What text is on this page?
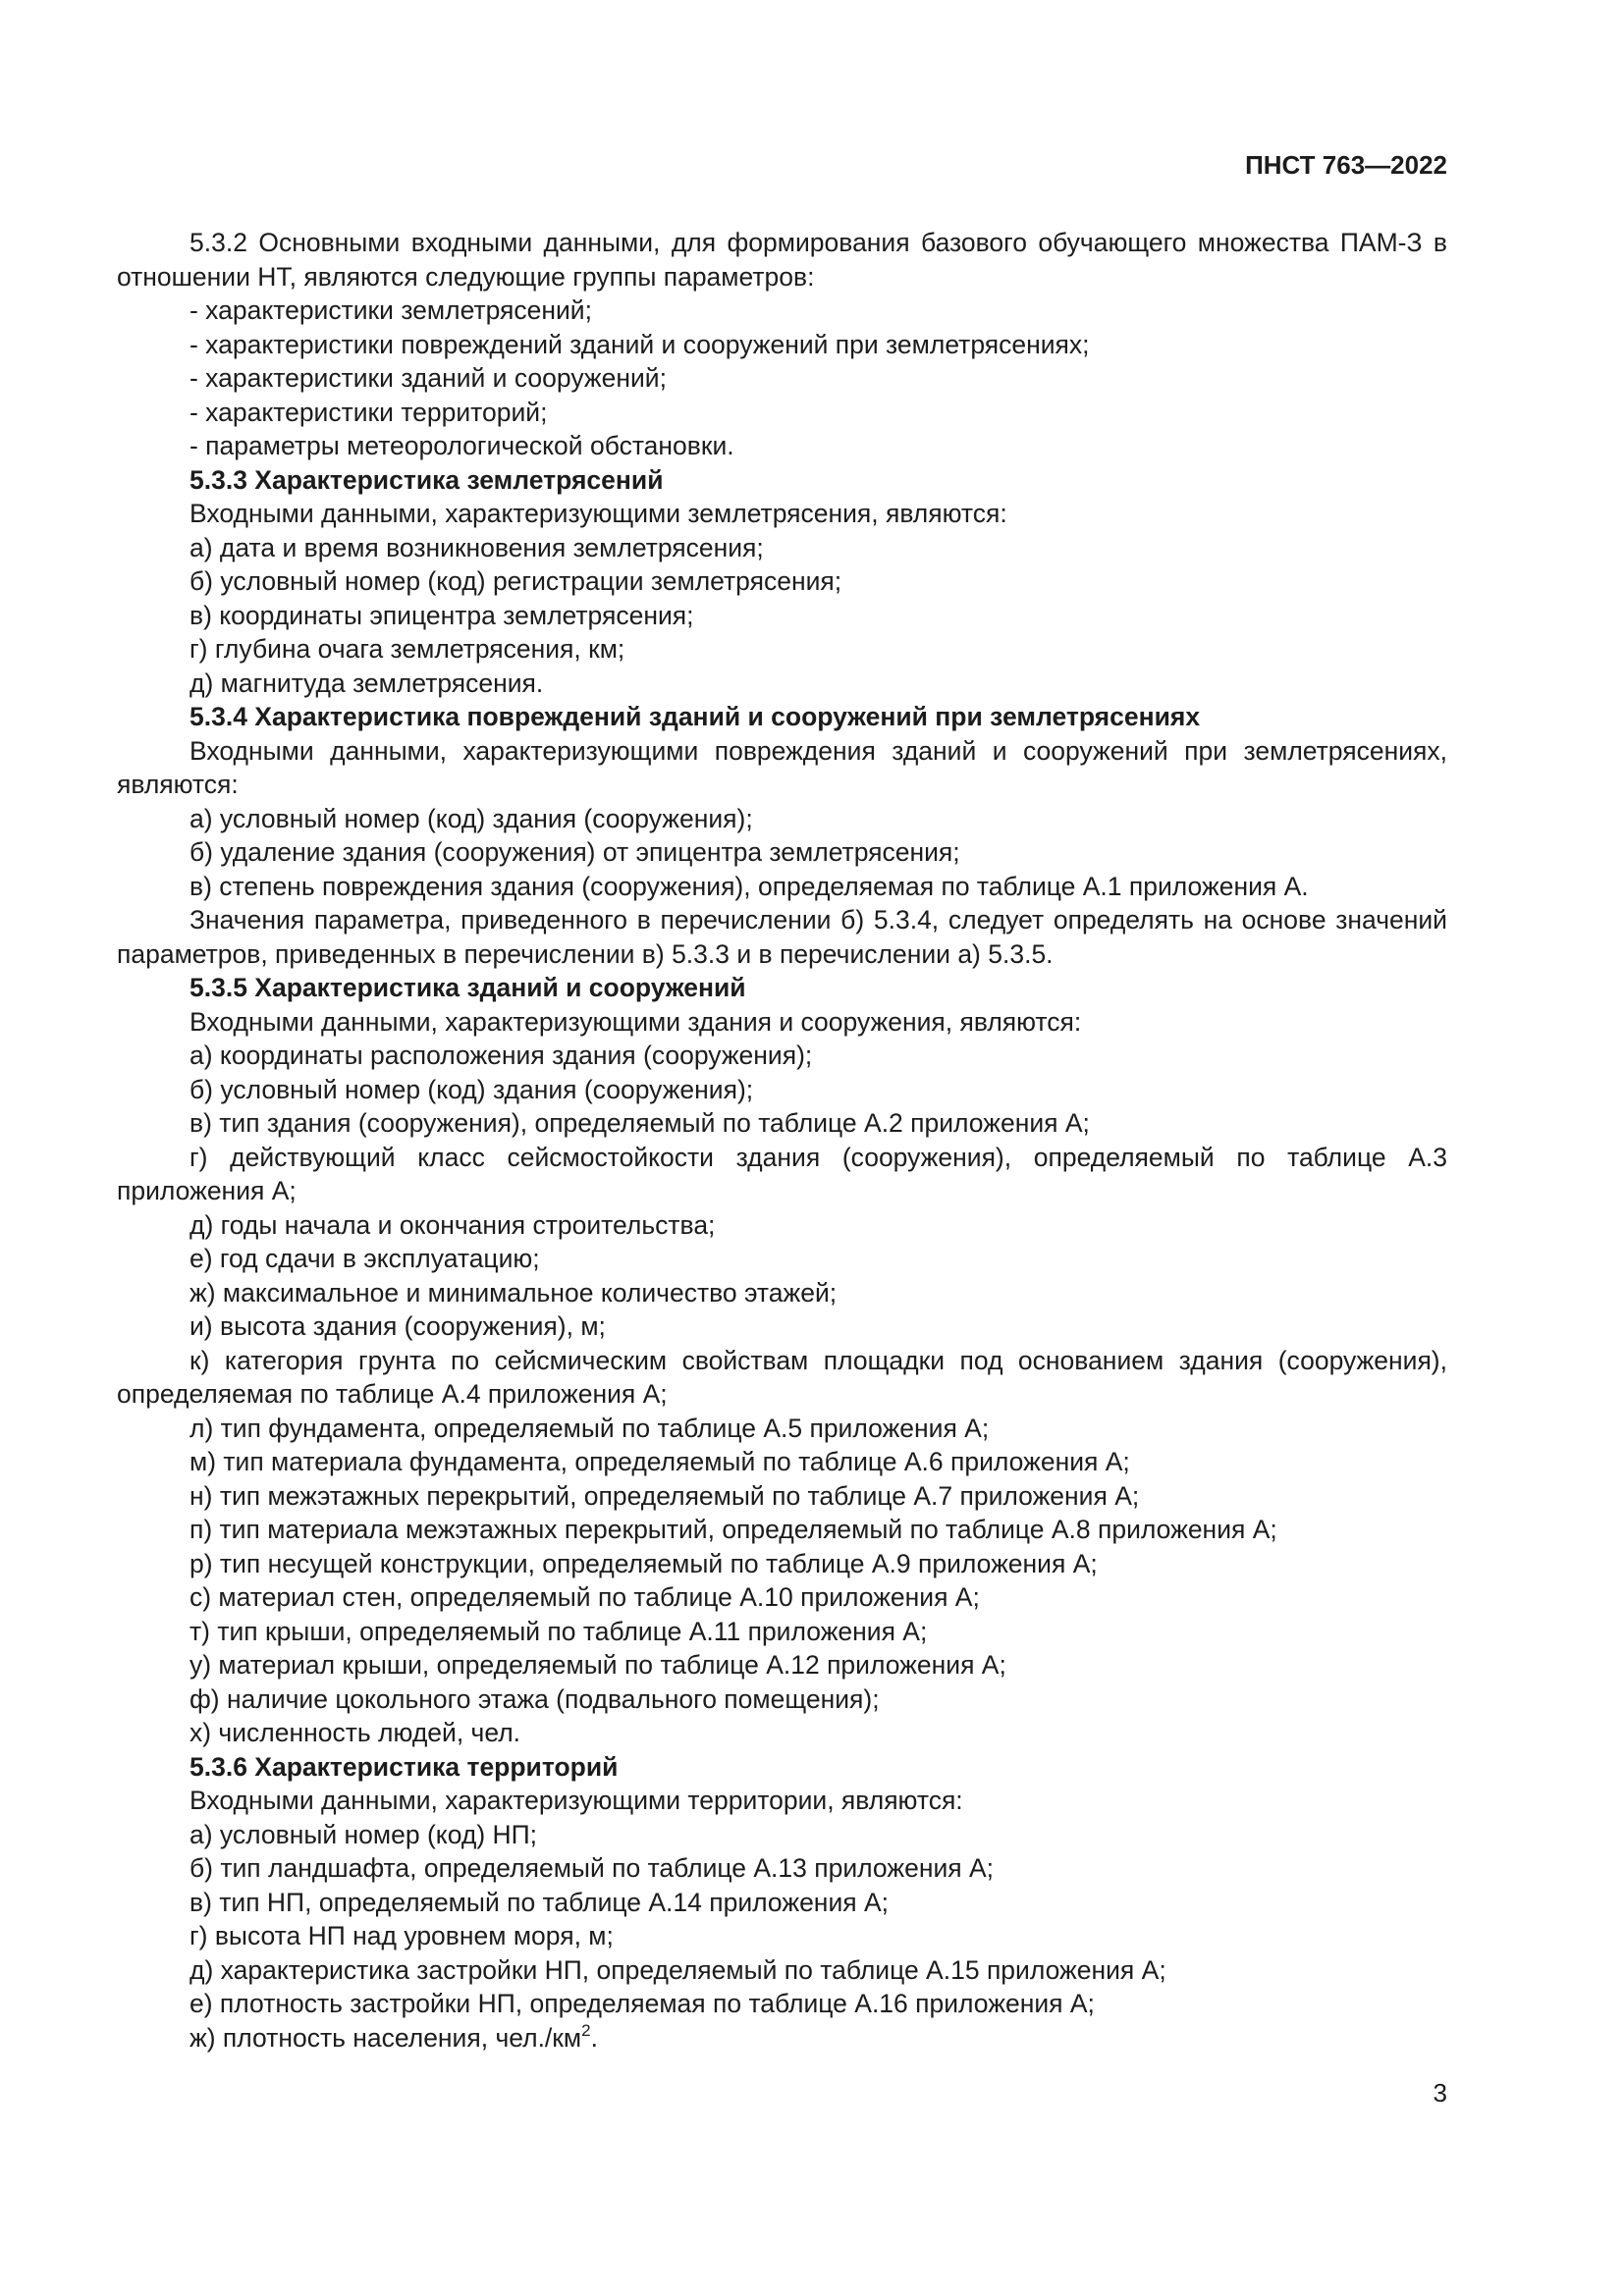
ПНСТ 763—2022

5.3.2 Основными входными данными, для формирования базового обучающего множества ПАМ-З в отношении НТ, являются следующие группы параметров:

- характеристики землетрясений;

- характеристики повреждений зданий и сооружений при землетрясениях;

- характеристики зданий и сооружений;

- характеристики территорий;

- параметры метеорологической обстановки.

5.3.3 Характеристика землетрясений

Входными данными, характеризующими землетрясения, являются:

а) дата и время возникновения землетрясения;

б) условный номер (код) регистрации землетрясения;

в) координаты эпицентра землетрясения;

г) глубина очага землетрясения, км;

д) магнитуда землетрясения.

5.3.4 Характеристика повреждений зданий и сооружений при землетрясениях

Входными данными, характеризующими повреждения зданий и сооружений при землетрясениях, являются:

а) условный номер (код) здания (сооружения);

б) удаление здания (сооружения) от эпицентра землетрясения;

в) степень повреждения здания (сооружения), определяемая по таблице А.1 приложения А.

Значения параметра, приведенного в перечислении б) 5.3.4, следует определять на основе значений параметров, приведенных в перечислении в) 5.3.3 и в перечислении а) 5.3.5.

5.3.5 Характеристика зданий и сооружений

Входными данными, характеризующими здания и сооружения, являются:

а) координаты расположения здания (сооружения);

б) условный номер (код) здания (сооружения);

в) тип здания (сооружения), определяемый по таблице А.2 приложения А;

г) действующий класс сейсмостойкости здания (сооружения), определяемый по таблице А.3 приложения А;

д) годы начала и окончания строительства;

е) год сдачи в эксплуатацию;

ж) максимальное и минимальное количество этажей;

и) высота здания (сооружения), м;

к) категория грунта по сейсмическим свойствам площадки под основанием здания (сооружения), определяемая по таблице А.4 приложения А;

л) тип фундамента, определяемый по таблице А.5 приложения А;

м) тип материала фундамента, определяемый по таблице А.6 приложения А;

н) тип межэтажных перекрытий, определяемый по таблице А.7 приложения А;

п) тип материала межэтажных перекрытий, определяемый по таблице А.8 приложения А;

р) тип несущей конструкции, определяемый по таблице А.9 приложения А;

с) материал стен, определяемый по таблице А.10 приложения А;

т) тип крыши, определяемый по таблице А.11 приложения А;

у) материал крыши, определяемый по таблице А.12 приложения А;

ф) наличие цокольного этажа (подвального помещения);

х) численность людей, чел.

5.3.6 Характеристика территорий

Входными данными, характеризующими территории, являются:

а) условный номер (код) НП;

б) тип ландшафта, определяемый по таблице А.13 приложения А;

в) тип НП, определяемый по таблице А.14 приложения А;

г) высота НП над уровнем моря, м;

д) характеристика застройки НП, определяемый по таблице А.15 приложения А;

е) плотность застройки НП, определяемая по таблице А.16 приложения А;

ж) плотность населения, $чел./км^2$.

3
